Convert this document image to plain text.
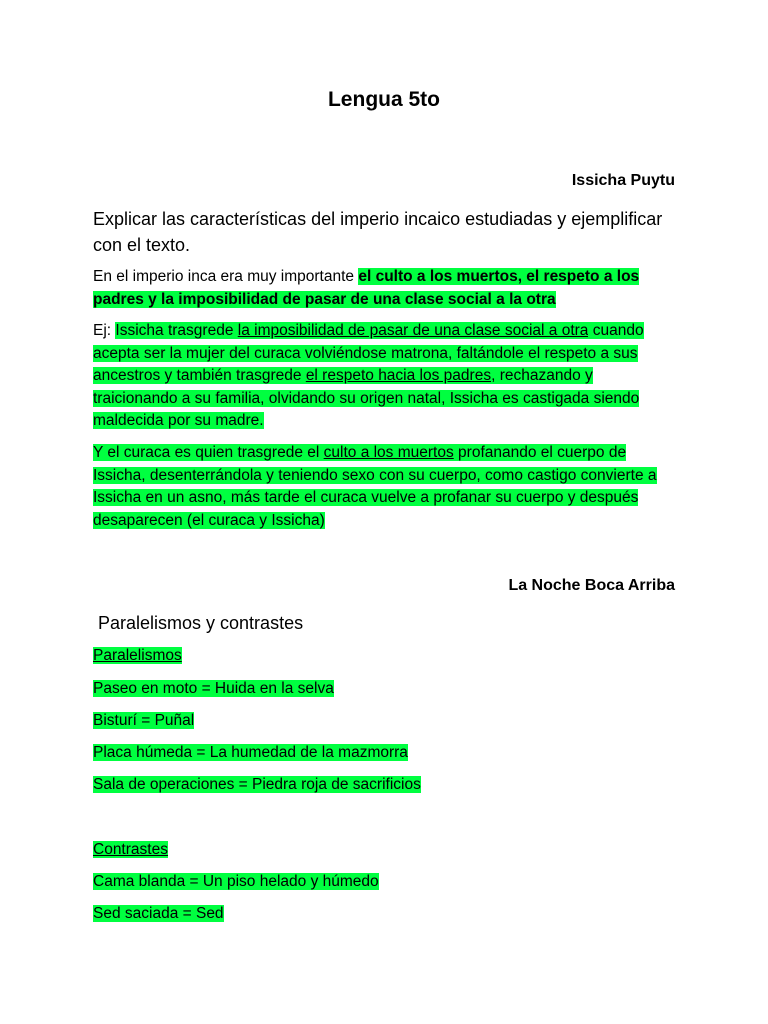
Lengua 5to
Issicha Puytu
Explicar las características del imperio incaico estudiadas y ejemplificar con el texto.
En el imperio inca era muy importante el culto a los muertos, el respeto a los padres y la imposibilidad de pasar de una clase social a la otra
Ej: Issicha trasgrede la imposibilidad de pasar de una clase social a otra cuando acepta ser la mujer del curaca volviéndose matrona, faltándole el respeto a sus ancestros y también trasgrede el respeto hacia los padres, rechazando y traicionando a su familia, olvidando su origen natal, Issicha es castigada siendo maldecida por su madre.
Y el curaca es quien trasgrede el culto a los muertos profanando el cuerpo de Issicha, desenterrándola y teniendo sexo con su cuerpo, como castigo convierte a Issicha en un asno, más tarde el curaca vuelve a profanar su cuerpo y después desaparecen (el curaca y Issicha)
La Noche Boca Arriba
Paralelismos y contrastes
Paralelismos
Paseo en moto = Huida en la selva
Bisturí = Puñal
Placa húmeda = La humedad de la mazmorra
Sala de operaciones = Piedra roja de sacrificios
Contrastes
Cama blanda = Un piso helado y húmedo
Sed saciada = Sed
